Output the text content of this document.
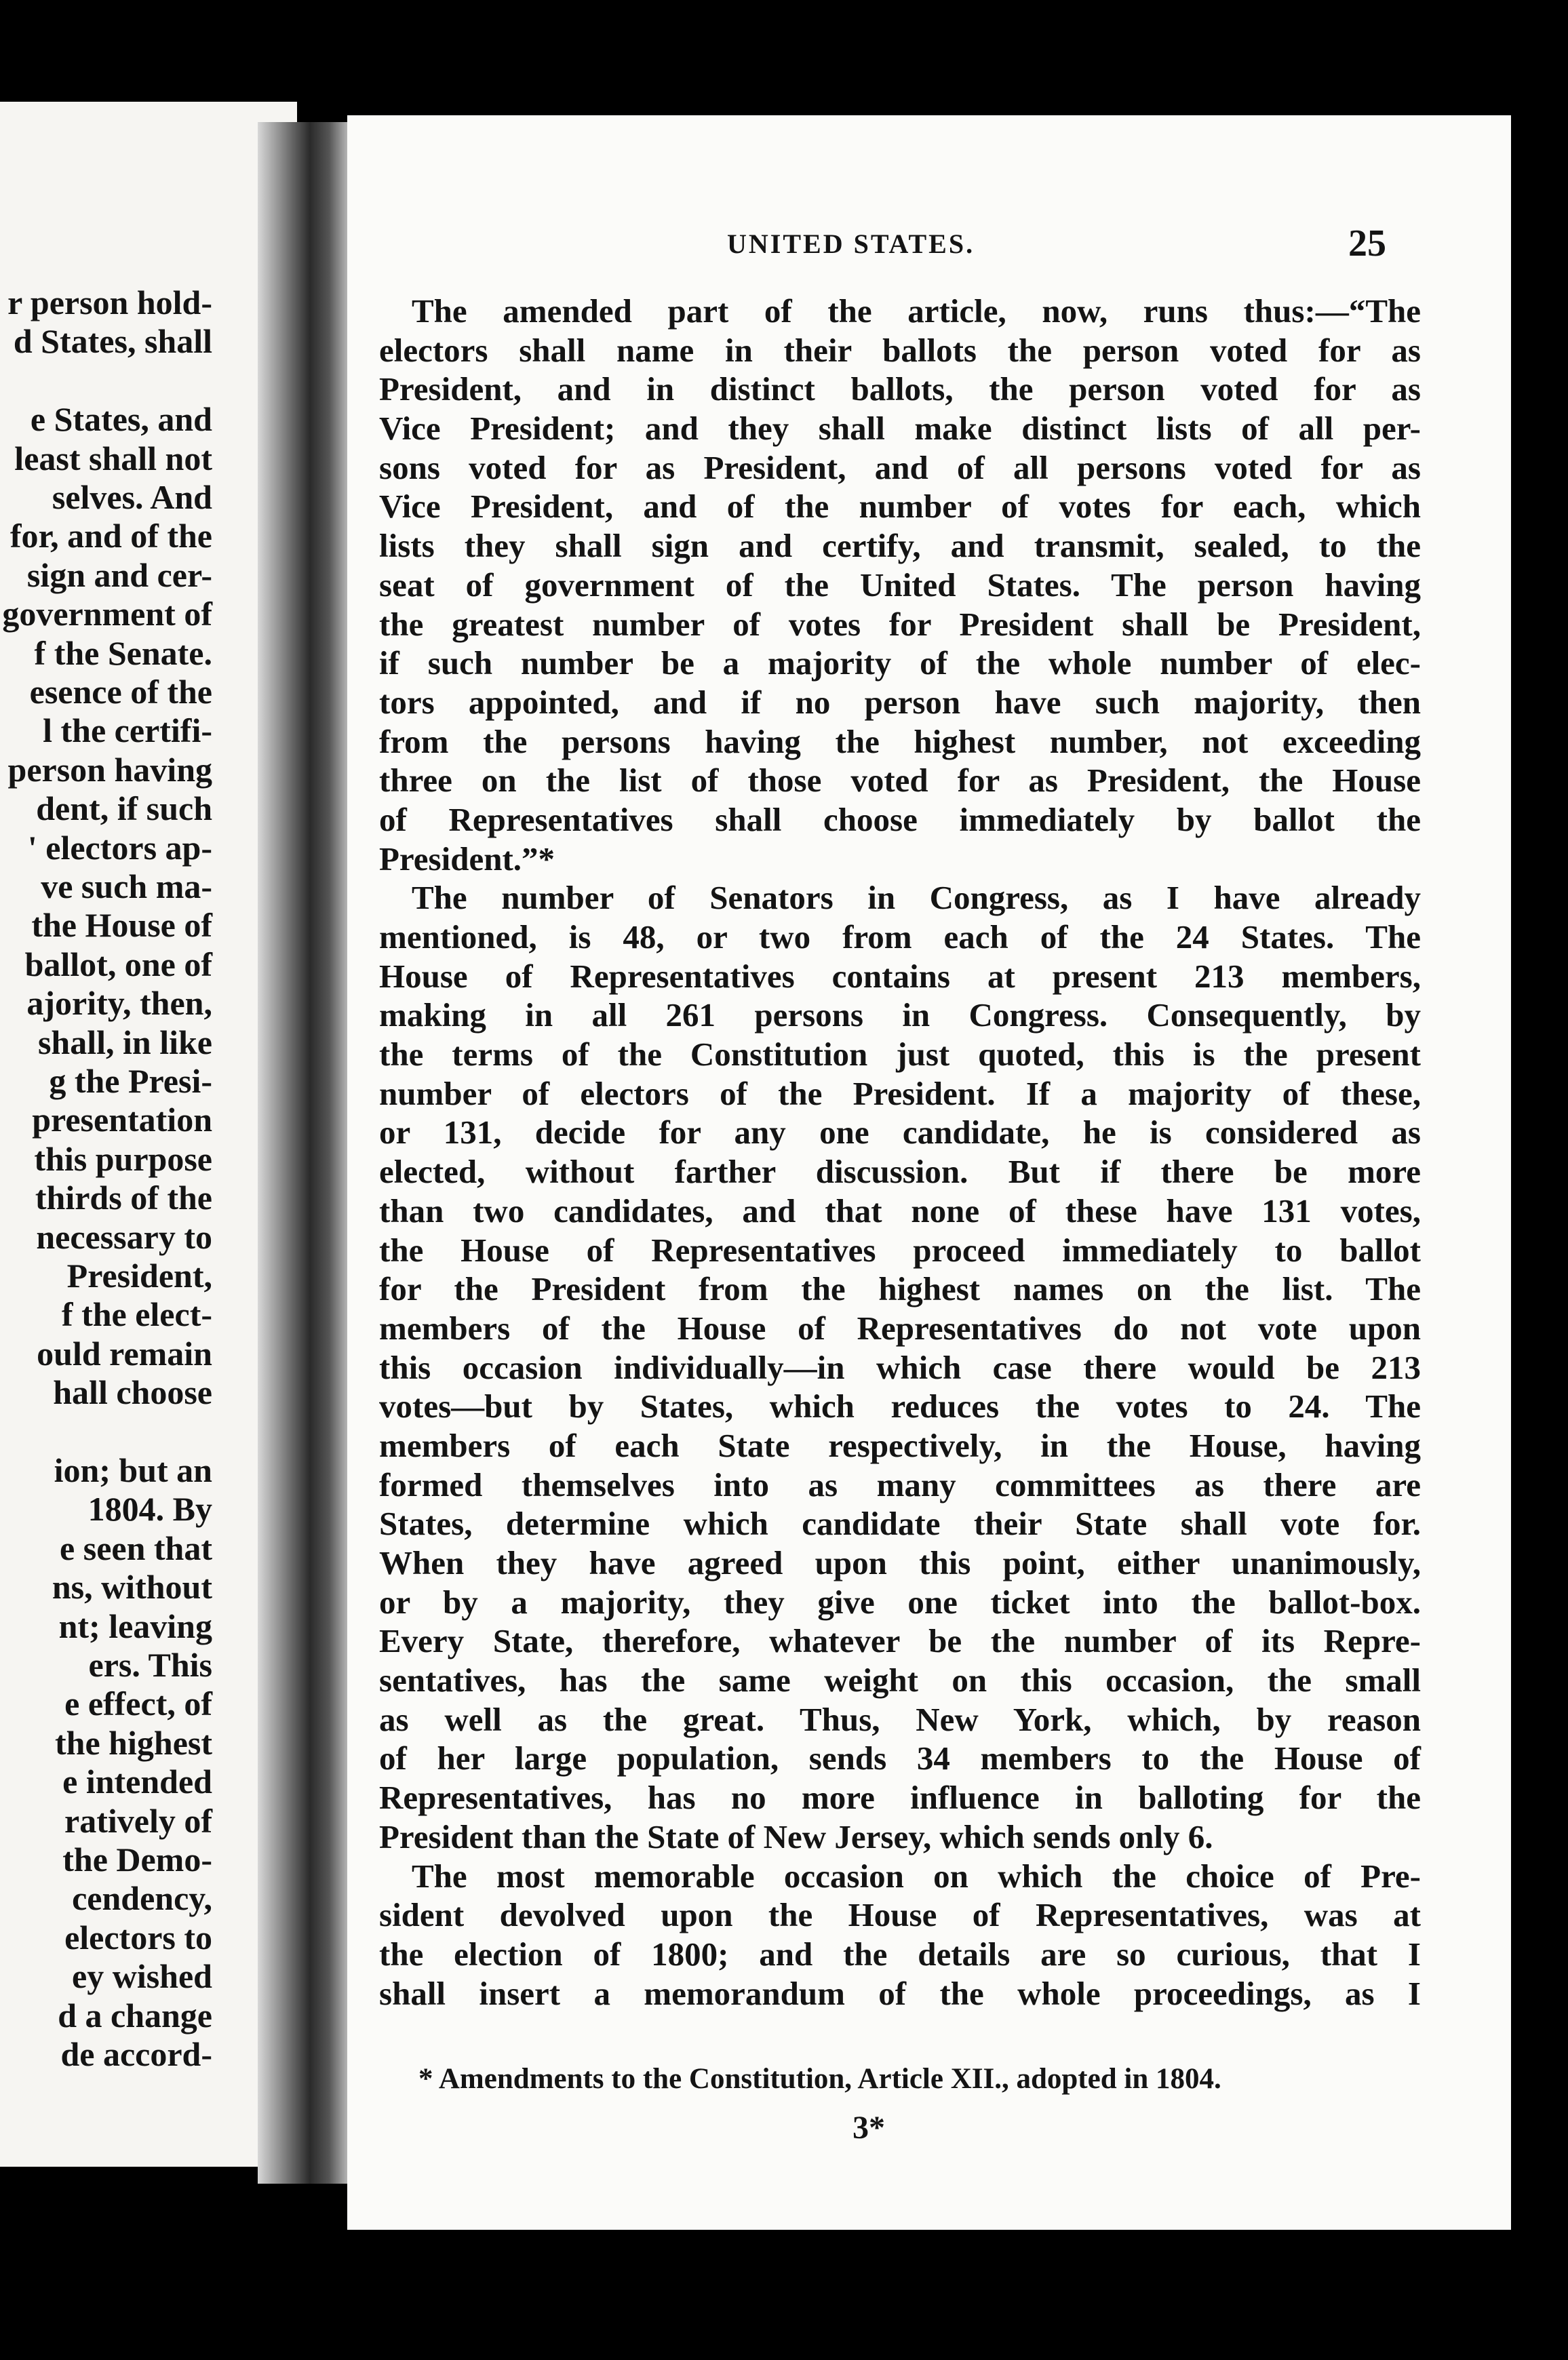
r person hold-
d States, shall
e States, and
least shall not
selves. And
for, and of the
sign and cer-
government of
f the Senate.
esence of the
l the certifi-
person having
dent, if such
' electors ap-
ve such ma-
the House of
ballot, one of
ajority, then,
shall, in like
g the Presi-
presentation
this purpose
thirds of the
necessary to
President,
f the elect-
ould remain
hall choose
ion; but an
1804. By
e seen that
ns, without
nt; leaving
ers. This
e effect, of
the highest
e intended
ratively of
the Demo-
cendency,
electors to
ey wished
d a change
de accord-
UNITED STATES.	25
The amended part of the article, now, runs thus:—“The
electors shall name in their ballots the person voted for as
President, and in distinct ballots, the person voted for as
Vice President; and they shall make distinct lists of all per-
sons voted for as President, and of all persons voted for as
Vice President, and of the number of votes for each, which
lists they shall sign and certify, and transmit, sealed, to the
seat of government of the United States. The person having
the greatest number of votes for President shall be President,
if such number be a majority of the whole number of elec-
tors appointed, and if no person have such majority, then
from the persons having the highest number, not exceeding
three on the list of those voted for as President, the House
of Representatives shall choose immediately by ballot the
President.”*
The number of Senators in Congress, as I have already
mentioned, is 48, or two from each of the 24 States. The
House of Representatives contains at present 213 members,
making in all 261 persons in Congress. Consequently, by
the terms of the Constitution just quoted, this is the present
number of electors of the President. If a majority of these,
or 131, decide for any one candidate, he is considered as
elected, without farther discussion. But if there be more
than two candidates, and that none of these have 131 votes,
the House of Representatives proceed immediately to ballot
for the President from the highest names on the list. The
members of the House of Representatives do not vote upon
this occasion individually—in which case there would be 213
votes—but by States, which reduces the votes to 24. The
members of each State respectively, in the House, having
formed themselves into as many committees as there are
States, determine which candidate their State shall vote for.
When they have agreed upon this point, either unanimously,
or by a majority, they give one ticket into the ballot-box.
Every State, therefore, whatever be the number of its Repre-
sentatives, has the same weight on this occasion, the small
as well as the great. Thus, New York, which, by reason
of her large population, sends 34 members to the House of
Representatives, has no more influence in balloting for the
President than the State of New Jersey, which sends only 6.
The most memorable occasion on which the choice of Pre-
sident devolved upon the House of Representatives, was at
the election of 1800; and the details are so curious, that I
shall insert a memorandum of the whole proceedings, as I
* Amendments to the Constitution, Article XII., adopted in 1804.
3*
